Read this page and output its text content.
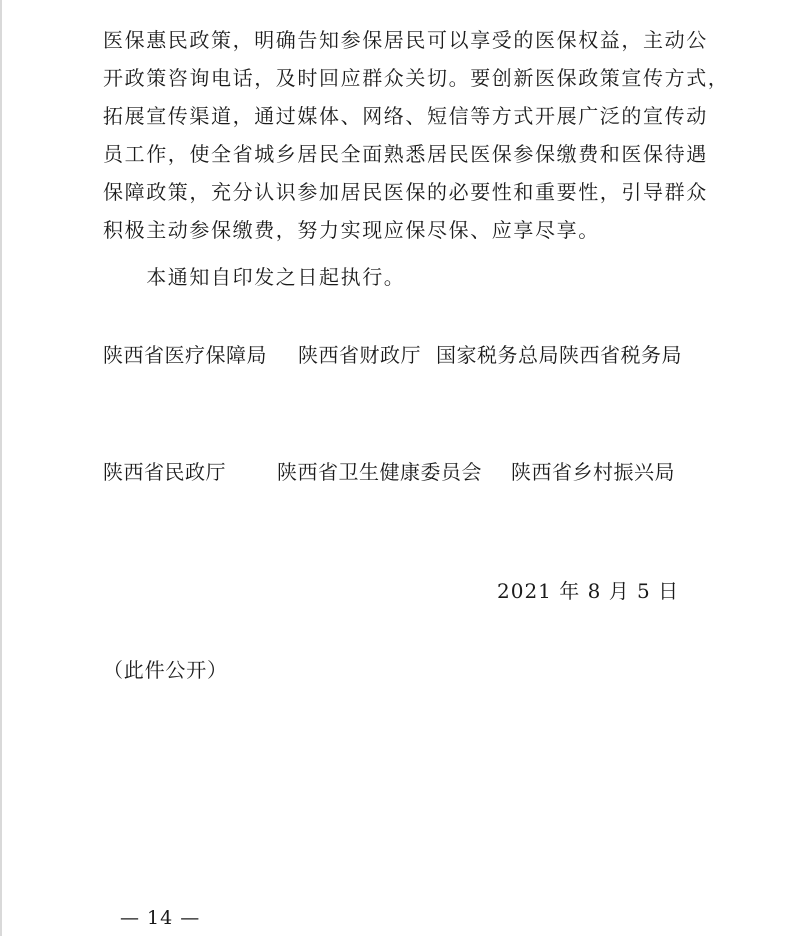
医保惠民政策，明确告知参保居民可以享受的医保权益，主动公
开政策咨询电话，及时回应群众关切。要创新医保政策宣传方式，
拓展宣传渠道，通过媒体、网络、短信等方式开展广泛的宣传动
员工作，使全省城乡居民全面熟悉居民医保参保缴费和医保待遇
保障政策，充分认识参加居民医保的必要性和重要性，引导群众
积极主动参保缴费，努力实现应保尽保、应享尽享。
　　本通知自印发之日起执行。
陕西省医疗保障局 陕西省财政厅 国家税务总局陕西省税务局
陕西省民政厅	陕西省卫生健康委员会 陕西省乡村振兴局
2021 年 8 月 5 日
（此件公开）
— 14 —
